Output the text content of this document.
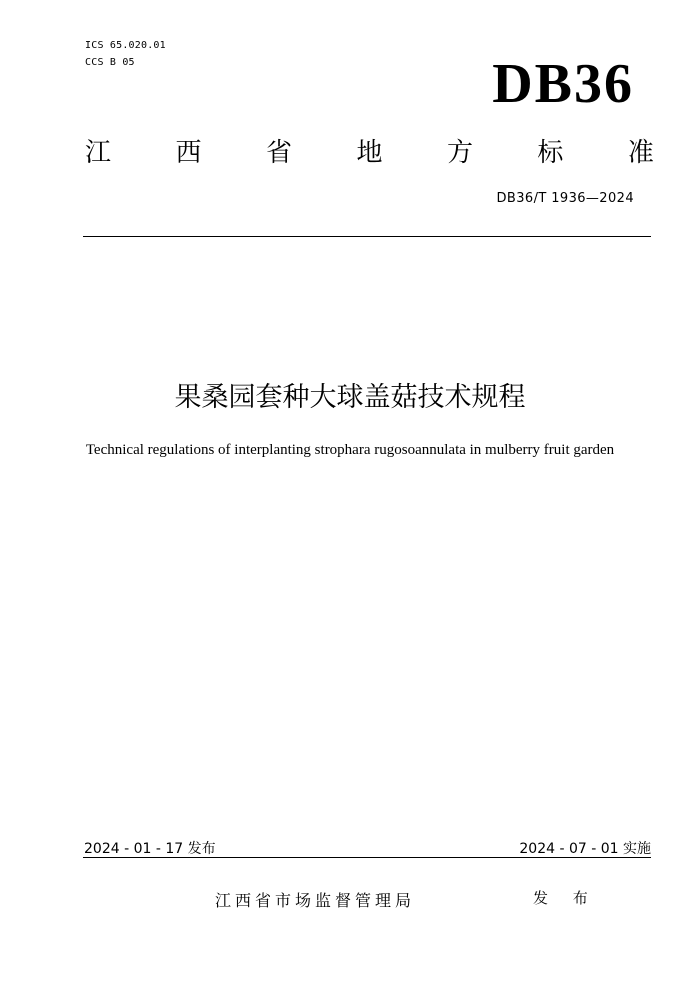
ICS 65.020.01
CCS B 05	DB36
江 西 省 地 方 标 准
DB36/T 1936—2024
果桑园套种大球盖菇技术规程
Technical regulations of interplanting strophara rugosoannulata in mulberry fruit garden
2024 - 01 - 17 发布	2024 - 07 - 01 实施
江西省市场监督管理局	发 布
